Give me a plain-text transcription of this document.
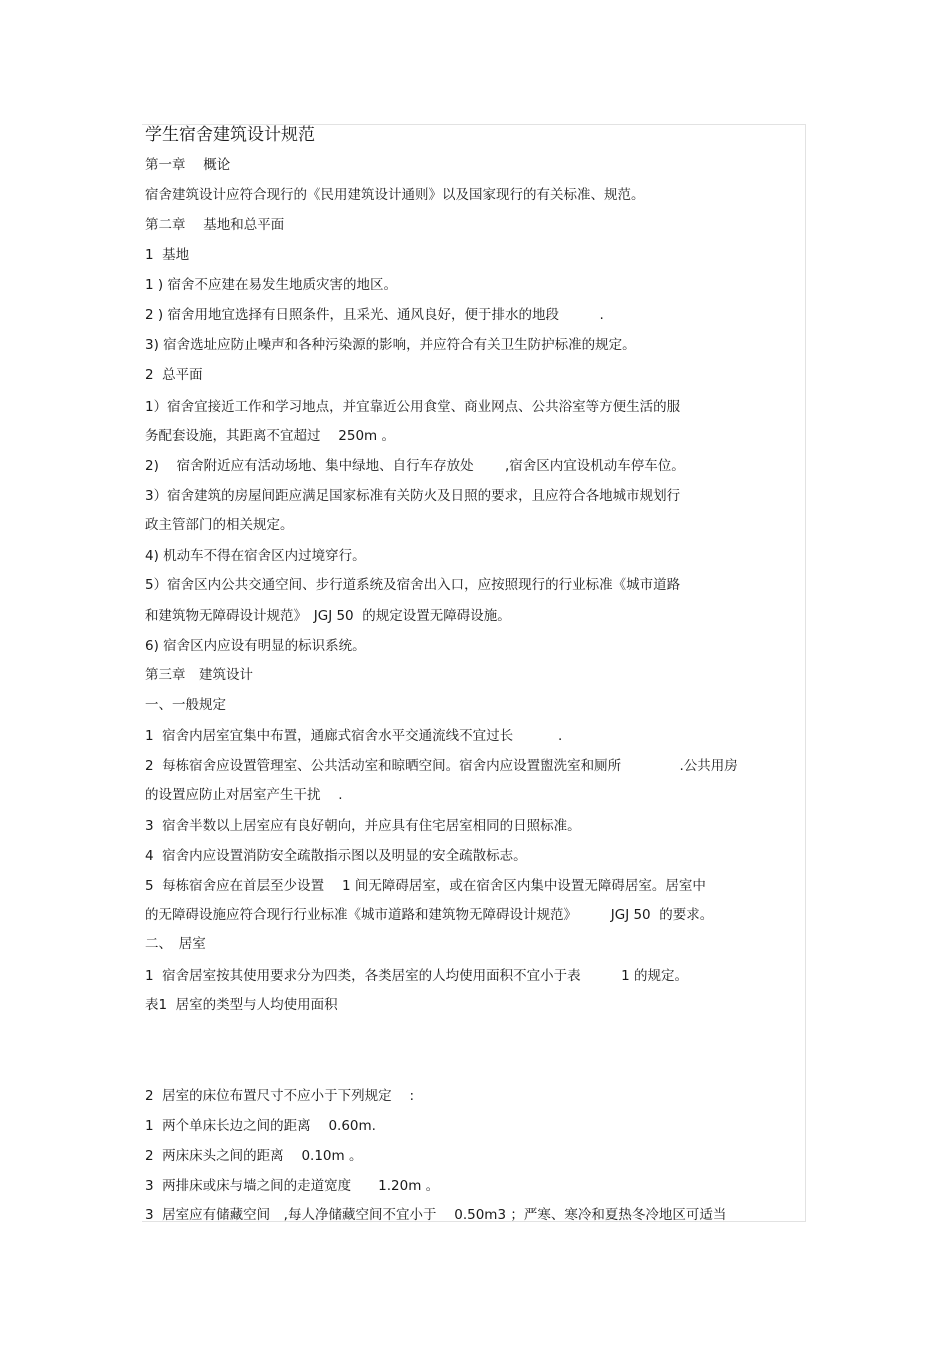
学生宿舍建筑设计规范
第一章　 概论
宿舍建筑设计应符合现行的《民用建筑设计通则》以及国家现行的有关标准、规范。
第二章　 基地和总平面
1  基地
1 ) 宿舍不应建在易发生地质灾害的地区。
2 ) 宿舍用地宜选择有日照条件，且采光、通风良好，便于排水的地段　　　.
3) 宿舍选址应防止噪声和各种污染源的影响，并应符合有关卫生防护标准的规定。
2  总平面
1）宿舍宜接近工作和学习地点，并宜靠近公用食堂、商业网点、公共浴室等方便生活的服
务配套设施，其距离不宜超过　 250m 。
2)　 宿舍附近应有活动场地、集中绿地、自行车存放处　　 ,宿舍区内宜设机动车停车位。
3）宿舍建筑的房屋间距应满足国家标准有关防火及日照的要求，且应符合各地城市规划行
政主管部门的相关规定。
4) 机动车不得在宿舍区内过境穿行。
5）宿舍区内公共交通空间、步行道系统及宿舍出入口，应按照现行的行业标准《城市道路
和建筑物无障碍设计规范》　JGJ 50  的规定设置无障碍设施。
6) 宿舍区内应设有明显的标识系统。
第三章　建筑设计
一、一般规定
1  宿舍内居室宜集中布置，通廊式宿舍水平交通流线不宜过长　　　 .
2  每栋宿舍应设置管理室、公共活动室和晾晒空间。宿舍内应设置盥洗室和厕所　　　　 .公共用房
的设置应防止对居室产生干扰　 .
3  宿舍半数以上居室应有良好朝向，并应具有住宅居室相同的日照标准。
4  宿舍内应设置消防安全疏散指示图以及明显的安全疏散标志。
5  每栋宿舍应在首层至少设置　 1 间无障碍居室，或在宿舍区内集中设置无障碍居室。居室中
的无障碍设施应符合现行行业标准《城市道路和建筑物无障碍设计规范》　　　JGJ 50  的要求。
二、　居室
1  宿舍居室按其使用要求分为四类，各类居室的人均使用面积不宜小于表　　　1 的规定。
表1  居室的类型与人均使用面积
2  居室的床位布置尺寸不应小于下列规定　 :
1  两个单床长边之间的距离　 0.60m.
2  两床床头之间的距离　 0.10m 。
3  两排床或床与墙之间的走道宽度　　1.20m 。
3  居室应有储藏空间　,每人净储藏空间不宜小于　 0.50m3 ；严寒、寒冷和夏热冬冷地区可适当
